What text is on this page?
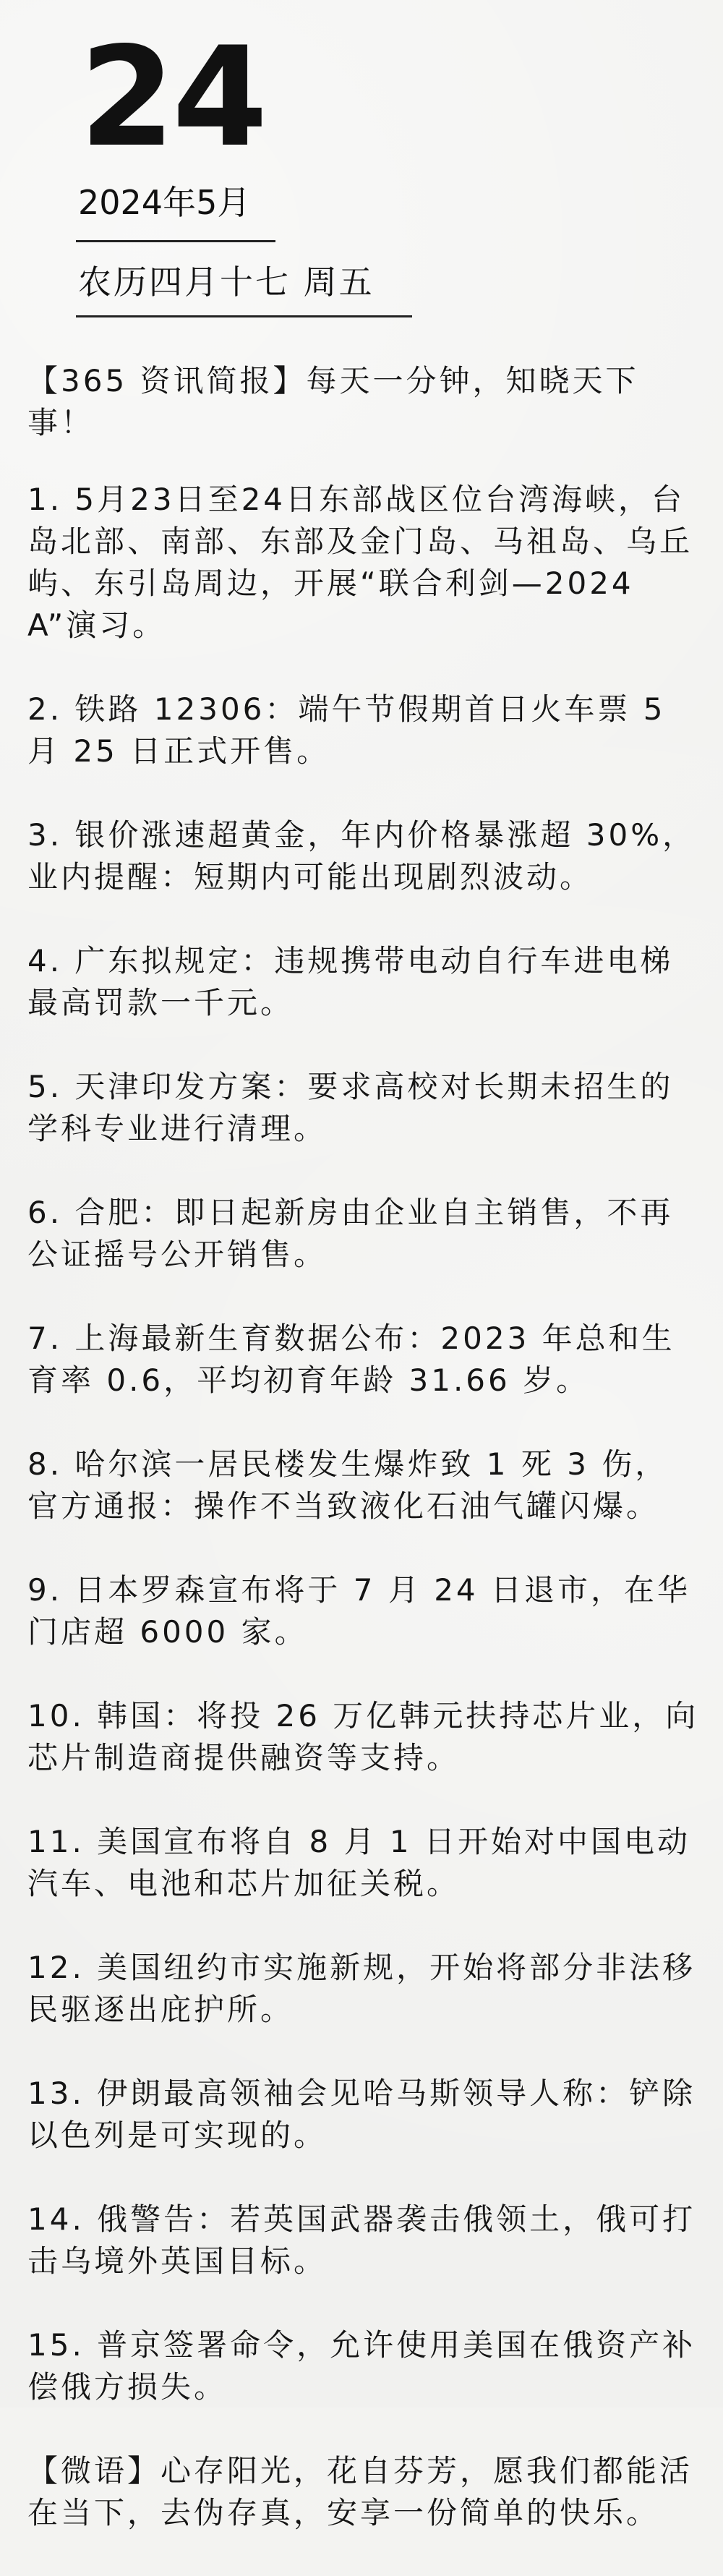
24
2024年5月
农历四月十七 周五

【365 资讯简报】每天一分钟，知晓天下事！

1. 5月23日至24日东部战区位台湾海峡，台岛北部、南部、东部及金门岛、马祖岛、乌丘屿、东引岛周边，开展“联合利剑—2024A”演习。

2. 铁路 12306：端午节假期首日火车票 5 月 25 日正式开售。

3. 银价涨速超黄金，年内价格暴涨超 30%，业内提醒：短期内可能出现剧烈波动。

4. 广东拟规定：违规携带电动自行车进电梯最高罚款一千元。

5. 天津印发方案：要求高校对长期未招生的学科专业进行清理。

6. 合肥：即日起新房由企业自主销售，不再公证摇号公开销售。

7. 上海最新生育数据公布：2023 年总和生育率 0.6，平均初育年龄 31.66 岁。

8. 哈尔滨一居民楼发生爆炸致 1 死 3 伤，官方通报：操作不当致液化石油气罐闪爆。

9. 日本罗森宣布将于 7 月 24 日退市，在华门店超 6000 家。

10. 韩国：将投 26 万亿韩元扶持芯片业，向芯片制造商提供融资等支持。

11. 美国宣布将自 8 月 1 日开始对中国电动汽车、电池和芯片加征关税。

12. 美国纽约市实施新规，开始将部分非法移民驱逐出庇护所。

13. 伊朗最高领袖会见哈马斯领导人称：铲除以色列是可实现的。

14. 俄警告：若英国武器袭击俄领土，俄可打击乌境外英国目标。

15. 普京签署命令，允许使用美国在俄资产补偿俄方损失。

【微语】心存阳光，花自芬芳，愿我们都能活在当下，去伪存真，安享一份简单的快乐。
